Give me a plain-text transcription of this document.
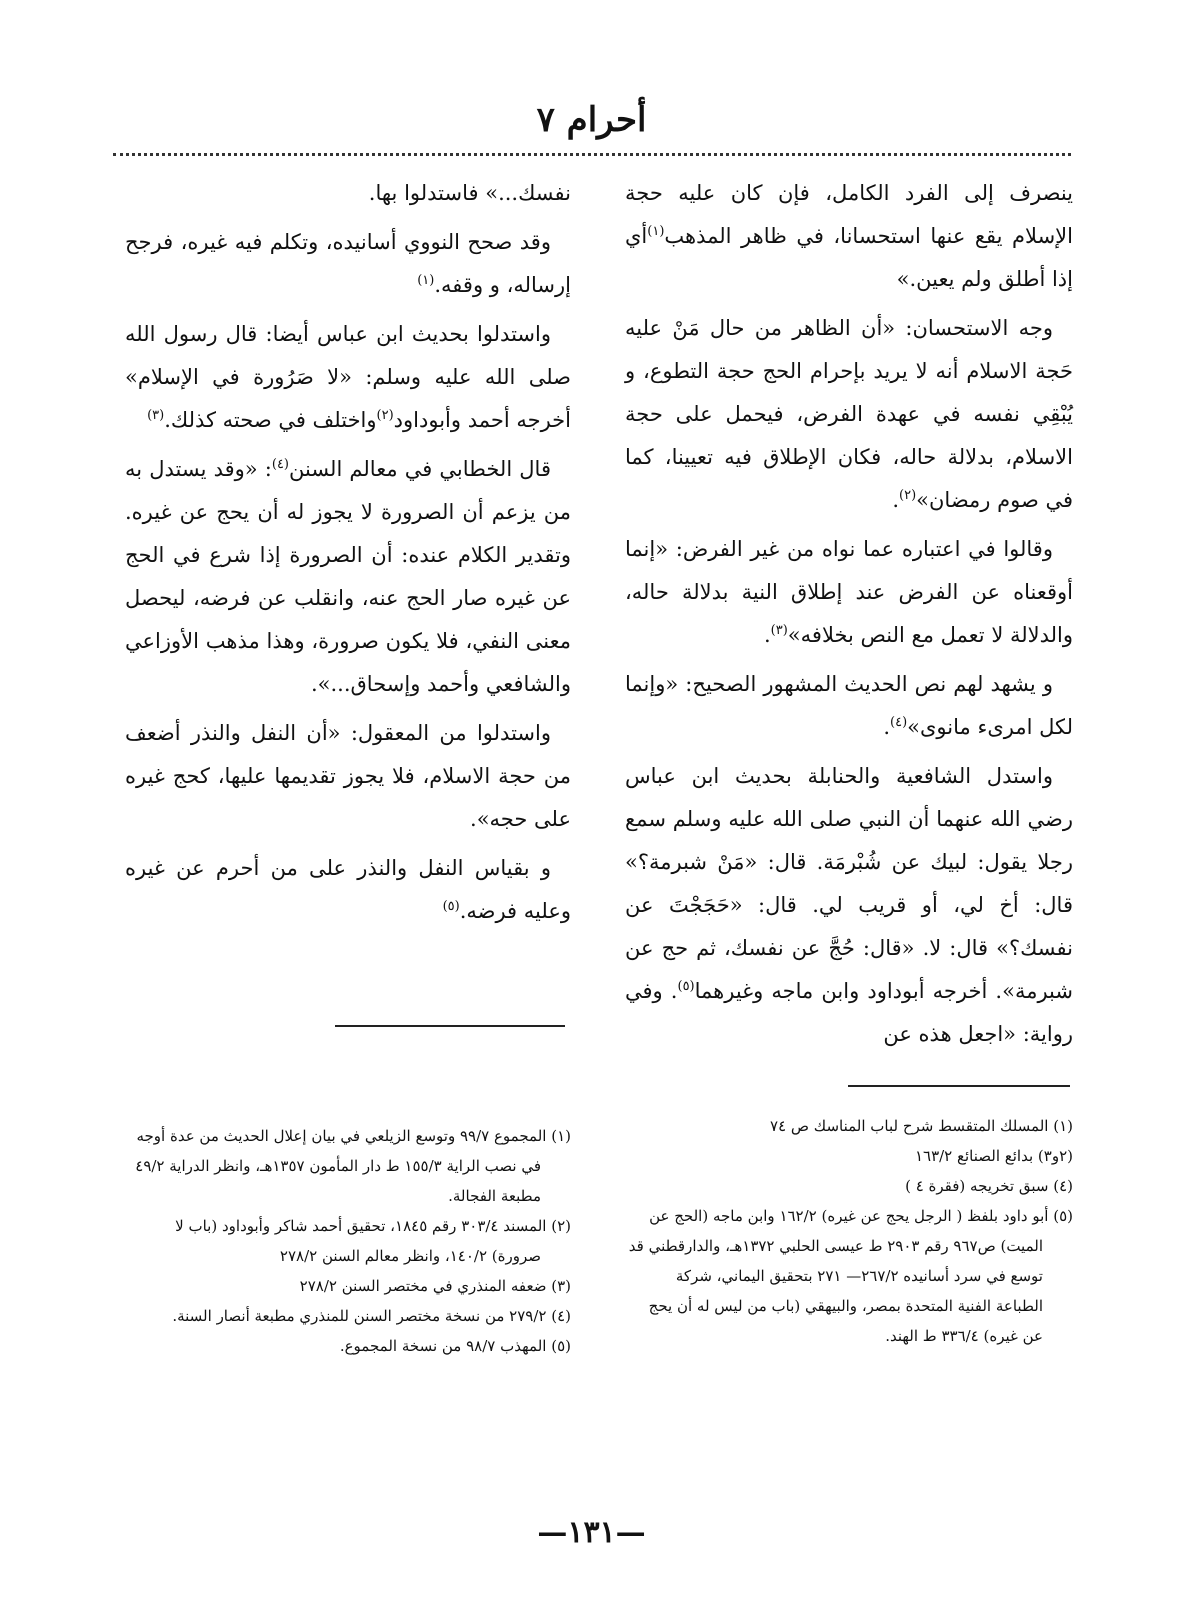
أحرام ٧

ينصرف إلى الفرد الكامل، فإن كان عليه حجة الإسلام يقع عنها استحسانا، في ظاهر المذهب$^{(١)}$أي إذا أطلق ولم يعين.»

وجه الاستحسان: «أن الظاهر من حال مَنْ عليه حَجة الاسلام أنه لا يريد بإحرام الحج حجة التطوع، و يُبْقِي نفسه في عهدة الفرض، فيحمل على حجة الاسلام، بدلالة حاله، فكان الإطلاق فيه تعيينا، كما في صوم رمضان»$^{(٢)}$.

وقالوا في اعتباره عما نواه من غير الفرض: «إنما أوقعناه عن الفرض عند إطلاق النية بدلالة حاله، والدلالة لا تعمل مع النص بخلافه»$^{(٣)}$.

و يشهد لهم نص الحديث المشهور الصحيح: «وإنما لكل امرىء مانوى»$^{(٤)}$.

واستدل الشافعية والحنابلة بحديث ابن عباس رضي الله عنهما أن النبي صلى الله عليه وسلم سمع رجلا يقول: لبيك عن شُبْرمَة. قال: «مَنْ شبرمة؟» قال: أخ لي، أو قريب لي. قال: «حَجَجْتَ عن نفسك؟» قال: لا. «قال: حُجَّ عن نفسك، ثم حج عن شبرمة». أخرجه أبوداود وابن ماجه وغيرهما$^{(٥)}$. وفي رواية: «اجعل هذه عن

نفسك...» فاستدلوا بها.

وقد صحح النووي أسانيده، وتكلم فيه غيره، فرجح إرساله، و وقفه.$^{(١)}$

واستدلوا بحديث ابن عباس أيضا: قال رسول الله صلى الله عليه وسلم: «لا صَرُورة في الإسلام» أخرجه أحمد وأبوداود$^{(٢)}$واختلف في صحته كذلك.$^{(٣)}$

قال الخطابي في معالم السنن$^{(٤)}$: «وقد يستدل به من يزعم أن الصرورة لا يجوز له أن يحج عن غيره. وتقدير الكلام عنده: أن الصرورة إذا شرع في الحج عن غيره صار الحج عنه، وانقلب عن فرضه، ليحصل معنى النفي، فلا يكون صرورة، وهذا مذهب الأوزاعي والشافعي وأحمد وإسحاق...».

واستدلوا من المعقول: «أن النفل والنذر أضعف من حجة الاسلام، فلا يجوز تقديمها عليها، كحج غيره على حجه».

و بقياس النفل والنذر على من أحرم عن غيره وعليه فرضه.$^{(٥)}$

(١) المسلك المتقسط شرح لباب المناسك ص ٧٤

(٢و٣) بدائع الصنائع ١٦٣/٢

(٤) سبق تخريجه (فقرة ٤ )

(٥) أبو داود بلفظ ( الرجل يحج عن غيره) ١٦٢/٢ وابن ماجه (الحج عن الميت) ص٩٦٧ رقم ٢٩٠٣ ط عيسى الحلبي ١٣٧٢هـ، والدارقطني قد توسع في سرد أسانيده ٢٦٧/٢— ٢٧١ بتحقيق اليماني، شركة الطباعة الفنية المتحدة بمصر، والبيهقي (باب من ليس له أن يحج عن غيره) ٣٣٦/٤ ط الهند.

(١) المجموع ٩٩/٧ وتوسع الزيلعي في بيان إعلال الحديث من عدة أوجه في نصب الراية ١٥٥/٣ ط دار المأمون ١٣٥٧هـ، وانظر الدراية ٤٩/٢ مطبعة الفجالة.

(٢) المسند ٣٠٣/٤ رقم ١٨٤٥، تحقيق أحمد شاكر وأبوداود (باب لا صرورة) ١٤٠/٢، وانظر معالم السنن ٢٧٨/٢

(٣) ضعفه المنذري في مختصر السنن ٢٧٨/٢

(٤) ٢٧٩/٢ من نسخة مختصر السنن للمنذري مطبعة أنصار السنة.

(٥) المهذب ٩٨/٧ من نسخة المجموع.

—١٣١—
